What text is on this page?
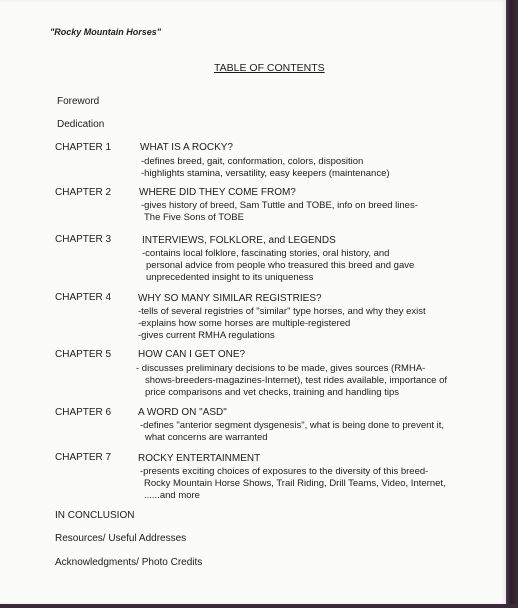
"Rocky Mountain Horses"
TABLE OF CONTENTS
Foreword
Dedication
CHAPTER 1	WHAT IS A ROCKY?
-defines breed, gait, conformation, colors, disposition
-highlights stamina, versatility, easy keepers (maintenance)
CHAPTER 2	WHERE DID THEY COME FROM?
-gives history of breed, Sam Tuttle and TOBE, info on breed lines-
The Five Sons of TOBE
CHAPTER 3	INTERVIEWS, FOLKLORE, and LEGENDS
-contains local folklore, fascinating stories, oral history, and
personal advice from people who treasured this breed and gave
unprecedented insight to its uniqueness
CHAPTER 4	WHY SO MANY SIMILAR REGISTRIES?
-tells of several registries of "similar" type horses, and why they exist
-explains how some horses are multiple-registered
-gives current RMHA regulations
CHAPTER 5	HOW CAN I GET ONE?
- discusses preliminary decisions to be made, gives sources (RMHA-
shows-breeders-magazines-Internet), test rides available, importance of
price comparisons and vet checks, training and handling tips
CHAPTER 6	A WORD ON "ASD"
-defines "anterior segment dysgenesis", what is being done to prevent it,
what concerns are warranted
CHAPTER 7	ROCKY ENTERTAINMENT
-presents exciting choices of exposures to the diversity of this breed-
Rocky Mountain Horse Shows, Trail Riding, Drill Teams, Video, Internet,
......and more
IN CONCLUSION
Resources/ Useful Addresses
Acknowledgments/ Photo Credits
